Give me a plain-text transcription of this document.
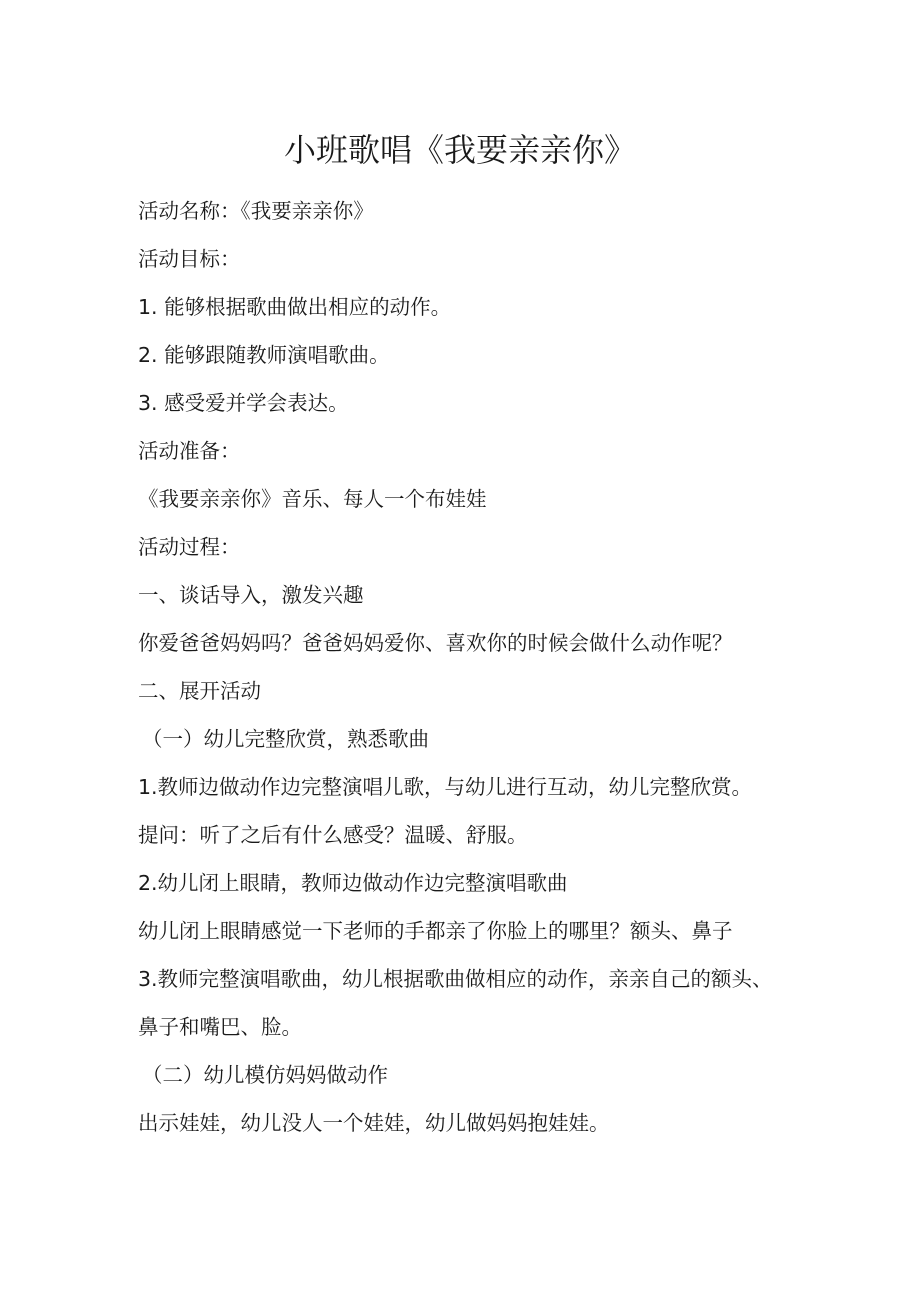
小班歌唱《我要亲亲你》
活动名称：《我要亲亲你》
活动目标：
1. 能够根据歌曲做出相应的动作。
2. 能够跟随教师演唱歌曲。
3. 感受爱并学会表达。
活动准备：
《我要亲亲你》音乐、每人一个布娃娃
活动过程：
一、谈话导入，激发兴趣
你爱爸爸妈妈吗？爸爸妈妈爱你、喜欢你的时候会做什么动作呢？
二、展开活动
（一）幼儿完整欣赏，熟悉歌曲
1.教师边做动作边完整演唱儿歌，与幼儿进行互动，幼儿完整欣赏。
提问：听了之后有什么感受？温暖、舒服。
2.幼儿闭上眼睛，教师边做动作边完整演唱歌曲
幼儿闭上眼睛感觉一下老师的手都亲了你脸上的哪里？额头、鼻子
3.教师完整演唱歌曲，幼儿根据歌曲做相应的动作，亲亲自己的额头、
鼻子和嘴巴、脸。
（二）幼儿模仿妈妈做动作
出示娃娃，幼儿没人一个娃娃，幼儿做妈妈抱娃娃。
